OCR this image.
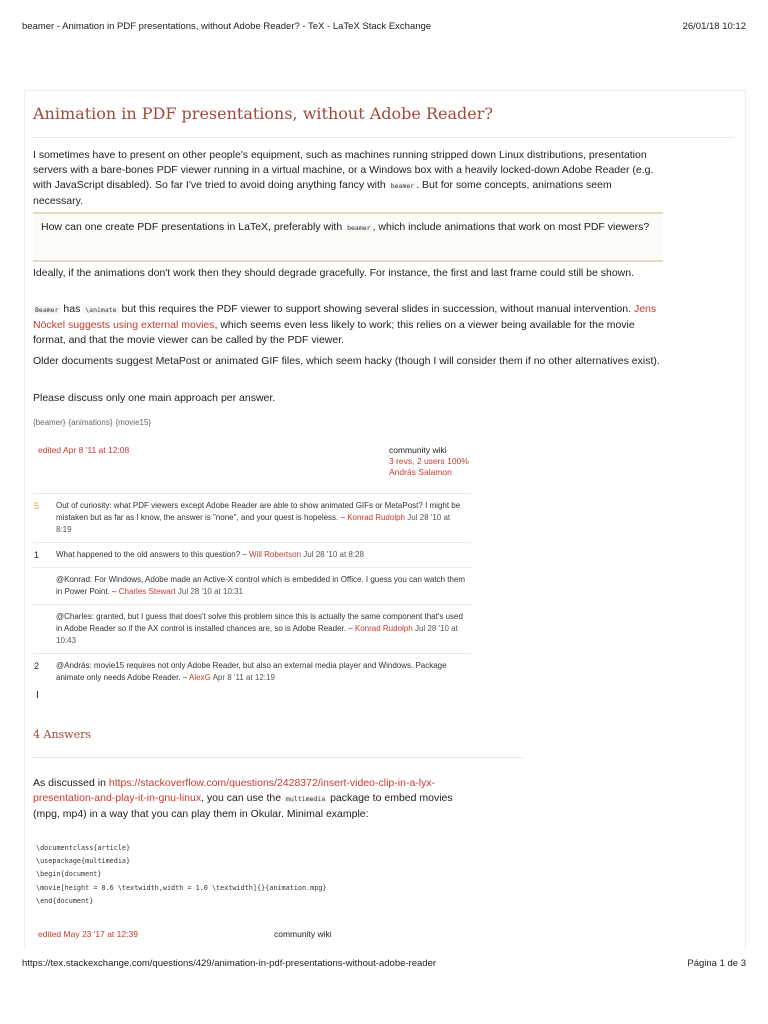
beamer - Animation in PDF presentations, without Adobe Reader? - TeX - LaTeX Stack Exchange	26/01/18 10:12
Animation in PDF presentations, without Adobe Reader?

I sometimes have to present on other people's equipment, such as machines running stripped down Linux distributions, presentation servers with a bare-bones PDF viewer running in a virtual machine, or a Windows box with a heavily locked-down Adobe Reader (e.g. with JavaScript disabled). So far I've tried to avoid doing anything fancy with beamer . But for some concepts, animations seem necessary.

How can one create PDF presentations in LaTeX, preferably with beamer , which include animations that work on most PDF viewers?

Ideally, if the animations don't work then they should degrade gracefully. For instance, the first and last frame could still be shown.

Beamer has \animate but this requires the PDF viewer to support showing several slides in succession, without manual intervention. Jens Nöckel suggests using external movies, which seems even less likely to work; this relies on a viewer being available for the movie format, and that the movie viewer can be called by the PDF viewer.

Older documents suggest MetaPost or animated GIF files, which seem hacky (though I will consider them if no other alternatives exist).

Please discuss only one main approach per answer.

{beamer} {animations} {movie15}
edited Apr 8 '11 at 12:08	community wiki
3 revs, 2 users 100%
András Salamon
5 Out of curiosity: what PDF viewers except Adobe Reader are able to show animated GIFs or MetaPost? I might be mistaken but as far as I know, the answer is "none", and your quest is hopeless. – Konrad Rudolph Jul 28 '10 at 8:19
1 What happened to the old answers to this question? – Will Robertson Jul 28 '10 at 8:28
@Konrad: For Windows, Adobe made an Active-X control which is embedded in Office. I guess you can watch them in Power Point. – Charles Stewart Jul 28 '10 at 10:31
@Charles: granted, but I guess that does't solve this problem since this is actually the same component that's used in Adobe Reader so if the AX control is installed chances are, so is Adobe Reader. – Konrad Rudolph Jul 28 '10 at 10:43
2 @András: movie15 requires not only Adobe Reader, but also an external media player and Windows. Package animate only needs Adobe Reader. – AlexG Apr 8 '11 at 12:19
I
4 Answers

As discussed in https://stackoverflow.com/questions/2428372/insert-video-clip-in-a-lyx-presentation-and-play-it-in-gnu-linux, you can use the multimedia package to embed movies (mpg, mp4) in a way that you can play them in Okular. Minimal example:

\documentclass{article}
\usepackage{multimedia}
\begin{document}
\movie[height = 0.6 \textwidth,width = 1.0 \textwidth]{}{animation.mpg}
\end{document}
edited May 23 '17 at 12:39	community wiki
https://tex.stackexchange.com/questions/429/animation-in-pdf-presentations-without-adobe-reader	Página 1 de 3
